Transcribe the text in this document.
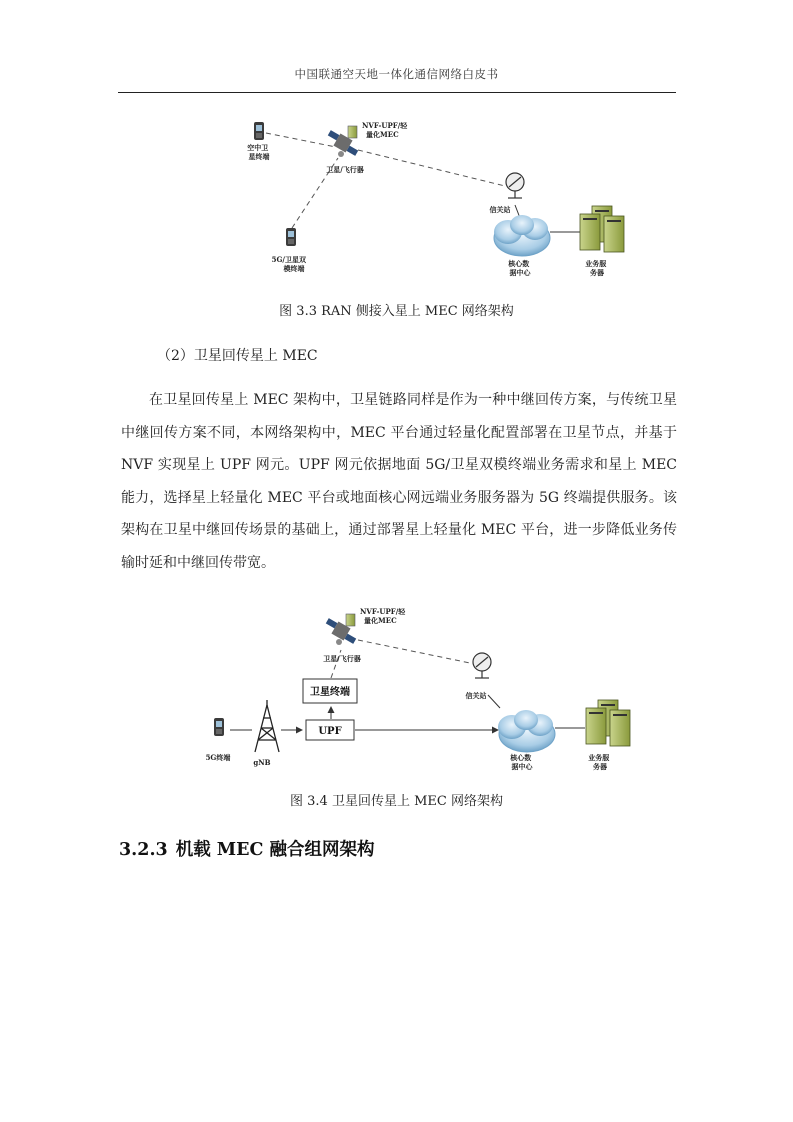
中国联通空天地一体化通信网络白皮书
空中卫 星终端
NVF-UPF/轻 量化MEC
卫星/飞行器
信关站
5G/卫星双 模终端
核心数 据中心
业务服 务器
图 3.3 RAN 侧接入星上 MEC 网络架构
（2）卫星回传星上 MEC
在卫星回传星上 MEC 架构中，卫星链路同样是作为一种中继回传方案，与传统卫星中继回传方案不同，本网络架构中，MEC 平台通过轻量化配置部署在卫星节点，并基于 NVF 实现星上 UPF 网元。UPF 网元依据地面 5G/卫星双模终端业务需求和星上 MEC 能力，选择星上轻量化 MEC 平台或地面核心网远端业务服务器为 5G 终端提供服务。该架构在卫星中继回传场景的基础上，通过部署星上轻量化 MEC 平台，进一步降低业务传输时延和中继回传带宽。
NVF-UPF/轻 量化MEC
卫星/飞行器
卫星终端
UPF
信关站
5G终端
gNB
核心数 据中心
业务服 务器
图 3.4 卫星回传星上 MEC 网络架构
3.2.3 机载 MEC 融合组网架构
